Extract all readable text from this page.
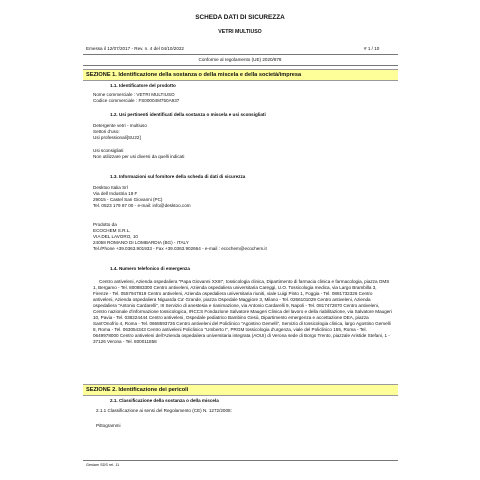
SCHEDA DATI DI SICUREZZA
VETRI MULTIUSO
Emessa il 12/07/2017 - Rev. n. 4 del 04/10/2022	# 1 / 10
Conforme al regolamento (UE) 2020/878
SEZIONE 1. Identificazione della sostanza o della miscela e della società/impresa
1.1. Identificatore del prodotto
Nome commerciale : VETRI MULTIUSO
Codice commerciale : FS00004M750A937
1.2. Usi pertinenti identificati della sostanza o miscela e usi sconsigliati
Detergente vetri - multiuso
Settori d'uso:
Usi professionali[SU22]
Usi sconsigliati
Non utilizzare per usi diversi da quelli indicati
1.3. Informazioni sul fornitore della scheda di dati di sicurezza
Desktoo Italia Srl
Via dell Industria 19 F
29015 - Castel San Giovanni (PC)
Tel. 0523 179 87 00 - e-mail: info@desktoo.com
Prodotto da
ECOCHEM S.R.L.
VIA DEL LAVORO, 10
24058 ROMANO DI LOMBARDIA (BG) - ITALY
Tel./Phone +39.0363.901933 - Fax +39.0363.902664 - e-mail : ecochem@ecochem.it
1.4. Numero telefonico di emergenza
Centro antiveleni, Azienda ospedaliera "Papa Giovanni XXIII", tossicologia clinica, Dipartimento di farmacia clinica e farmacologia, piazza OMS 1, Bergamo - Tel. 800883300 Centro antiveleni, Azienda ospedaliera universitaria Careggi, U.O. Tossicologia medica, via Largo Brambilla 3, Firenze - Tel. 0557947819 Centro antiveleni, Azienda ospedaliera universitaria riuniti, viale Luigi Pinto 1, Foggia - Tel. 0881732326 Centro antiveleni, Azienda ospedaliera Niguarda Ca' Grande, piazza Ospedale Maggiore 3, Milano - Tel. 0266101029 Centro antiveleni, Azienda ospedaliera "Antonio Cardarelli", III Servizio di anestesia e rianimazione, via Antonio Cardarelli 9, Napoli - Tel. 0817472870 Centro antiveleni, Centro nazionale d'informazione tossicologica, IRCCS Fondazione Salvatore Maugeri Clinica del lavoro e della riabilitazione, via Salvatore Maugeri 10, Pavia - Tel. 038224444 Centro antiveleni, Ospedale pediatrico Bambino Gesù, Dipartimento emergenza e accettazione DEA, piazza Sant'Onofrio 4, Roma - Tel. 0668593726 Centro antiveleni del Policlinico "Agostino Gemelli", Servizio di tossicologia clinica, largo Agostino Gemelli 8, Roma - Tel. 063054343 Centro antiveleni Policlinico "Umberto I", PRGM tossicologia d'urgenza, viale del Policlinico 155, Roma - Tel. 0649978000 Centro antiveleni dell'Azienda ospedaliera universitaria integrata (AOUI) di Verona sede di Borgo Trento, piazzale Aristide Stefani, 1 - 37126 Verona - Tel. 800011858
SEZIONE 2. Identificazione dei pericoli
2.1. Classificazione della sostanza o della miscela
2.1.1 Classificazione ai sensi del Regolamento (CE) N. 1272/2008:
Pittogrammi
Gesiam SDS rel. 11
